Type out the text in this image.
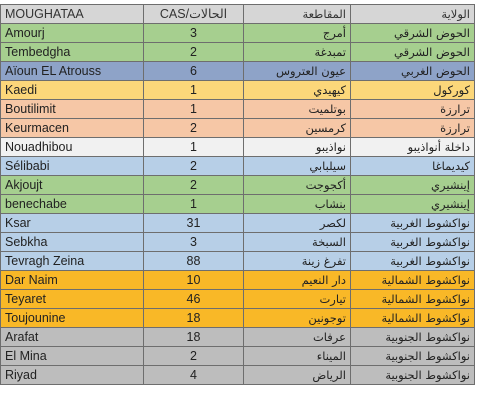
U
MOUGHATAA	CAS/الحالات	المقاطعة	الولاية
Amourj	3	أمرج	الحوض الشرقي
Tembedgha	2	تمبدغة	الحوض الشرقي
Aïoun EL Atrouss	6	عيون العتروس	الحوض الغربي
Kaedi	1	كيهيدي	كوركول
Boutilimit	1	بوتلميت	ترارزة
Keurmacen	2	كرمسين	ترارزة
Nouadhibou	1	نواذيبو	داخلة أنواذيبو
Sélibabi	2	سيلبابي	كيديماغا
Akjoujt	2	أكجوجت	إينشيري
benechabe	1	بنشاب	إينشيري
Ksar	31	لكصر	نواكشوط الغربية
Sebkha	3	السبخة	نواكشوط الغربية
Tevragh Zeina	88	تفرغ زينة	نواكشوط الغربية
Dar Naim	10	دار النعيم	نواكشوط الشمالية
Teyaret	46	تيارت	نواكشوط الشمالية
Toujounine	18	توجونين	نواكشوط الشمالية
Arafat	18	عرفات	نواكشوط الجنوبية
El Mina	2	الميناء	نواكشوط الجنوبية
Riyad	4	الرياض	نواكشوط الجنوبية
